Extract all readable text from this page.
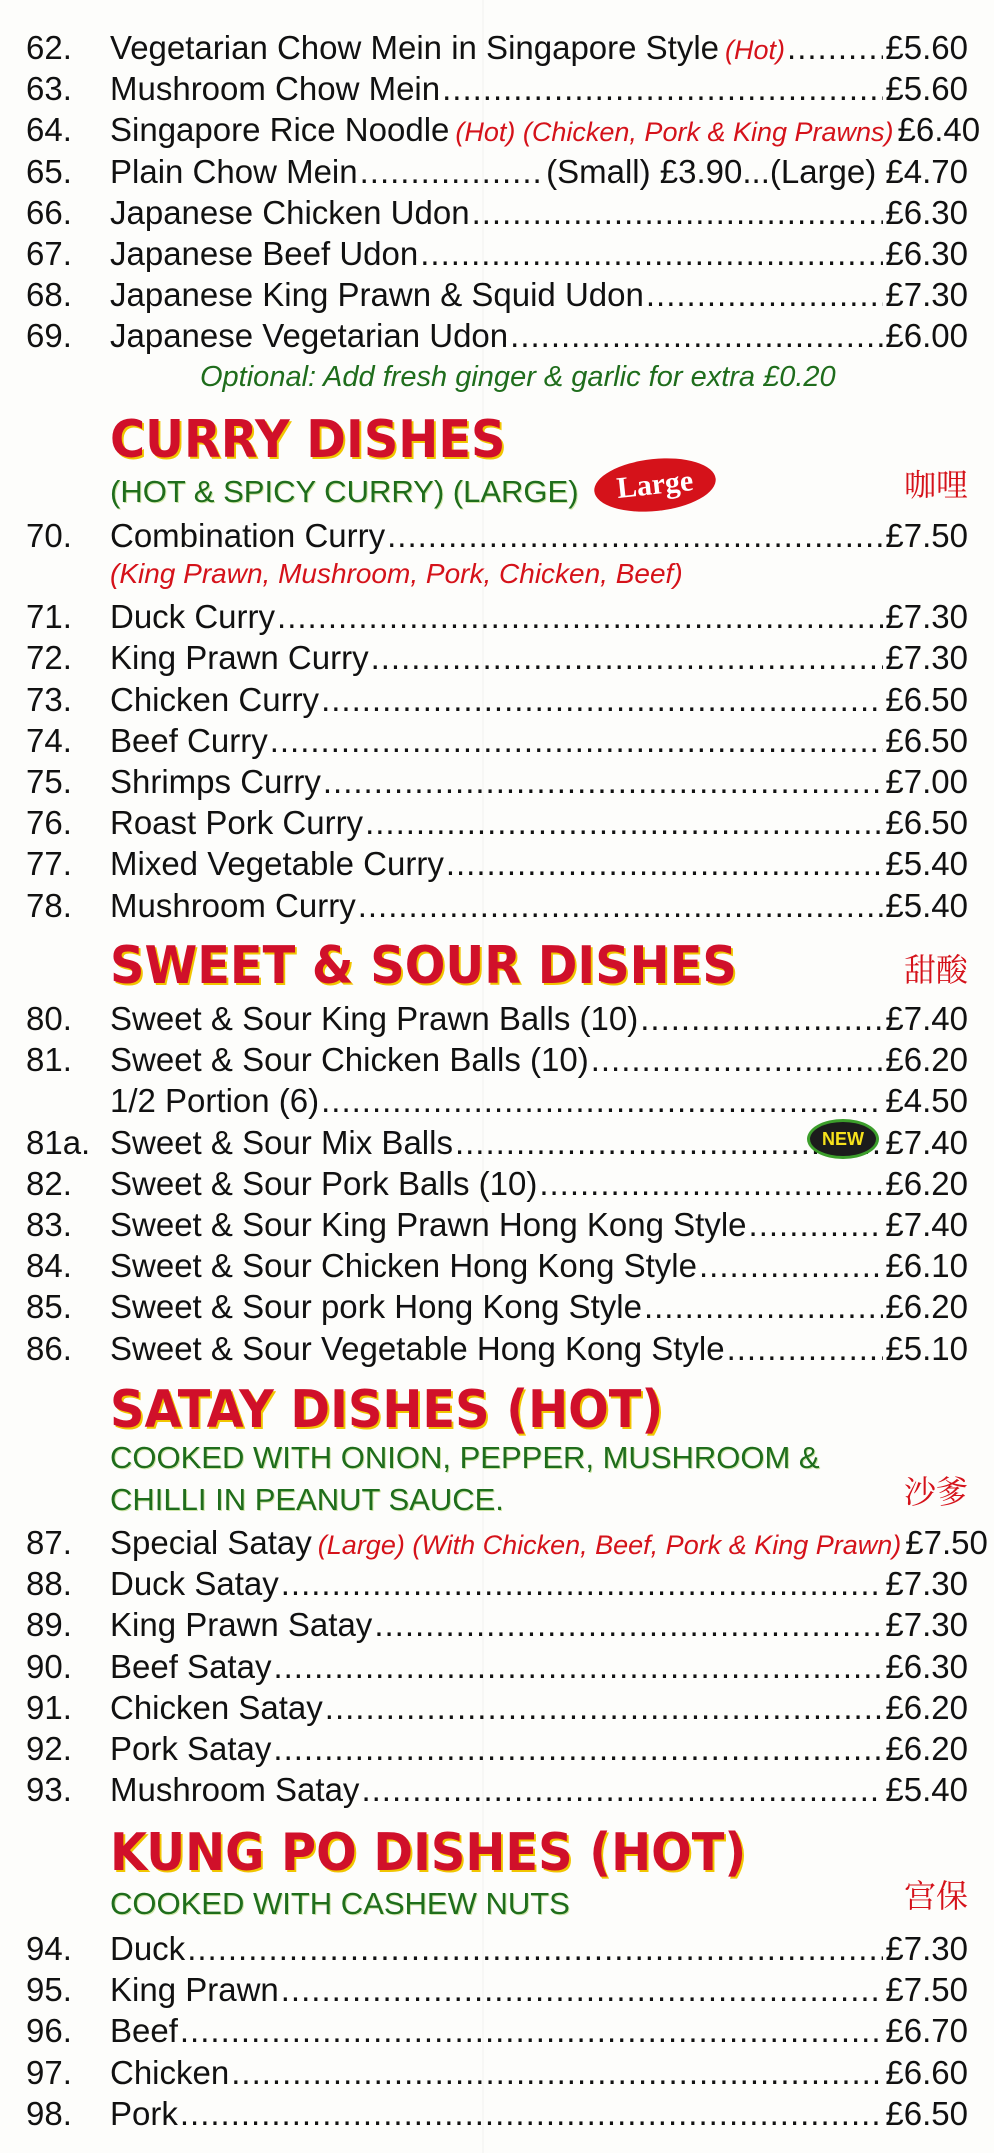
62.	Vegetarian Chow Mein in Singapore Style (Hot) .....	£5.60
63.	Mushroom Chow Mein .....	£5.60
64.	Singapore Rice Noodle (Hot) (Chicken, Pork & King Prawns) £6.40
65.	Plain Chow Mein .....	(Small) £3.90...(Large) £4.70
66.	Japanese Chicken Udon .....	£6.30
67.	Japanese Beef Udon .....	£6.30
68.	Japanese King Prawn & Squid Udon .....	£7.30
69.	Japanese Vegetarian Udon .....	£6.00
Optional: Add fresh ginger & garlic for extra £0.20
CURRY DISHES
(HOT & SPICY CURRY) (LARGE)	Large	咖哩
70.	Combination Curry .....	£7.50
71.	Duck Curry .....	£7.30
72.	King Prawn Curry .....	£7.30
73.	Chicken Curry .....	£6.50
74.	Beef Curry .....	£6.50
75.	Shrimps Curry .....	£7.00
76.	Roast Pork Curry .....	£6.50
77.	Mixed Vegetable Curry .....	£5.40
78.	Mushroom Curry .....	£5.40
(King Prawn, Mushroom, Pork, Chicken, Beef)
SWEET & SOUR DISHES	甜酸
80.	Sweet & Sour King Prawn Balls (10) .....	£7.40
81.	Sweet & Sour Chicken Balls (10) .....	£6.20
1/2 Portion (6) .....	£4.50
81a. Sweet & Sour Mix Balls .....	£7.40
82.	Sweet & Sour Pork Balls (10) .....	£6.20
83.	Sweet & Sour King Prawn Hong Kong Style .....	£7.40
84.	Sweet & Sour Chicken Hong Kong Style .....	£6.10
85.	Sweet & Sour pork Hong Kong Style .....	£6.20
86.	Sweet & Sour Vegetable Hong Kong Style .....	£5.10
NEW
SATAY DISHES (HOT)
COOKED WITH ONION, PEPPER, MUSHROOM &
CHILLI IN PEANUT SAUCE.	沙爹
87.	Special Satay (Large) (With Chicken, Beef, Pork & King Prawn) £7.50
88.	Duck Satay .....	£7.30
89.	King Prawn Satay .....	£7.30
90.	Beef Satay .....	£6.30
91.	Chicken Satay .....	£6.20
92.	Pork Satay .....	£6.20
93.	Mushroom Satay .....	£5.40
KUNG PO DISHES (HOT)
COOKED WITH CASHEW NUTS	宫保
94.	Duck .....	£7.30
95.	King Prawn .....	£7.50
96.	Beef .....	£6.70
97.	Chicken .....	£6.60
98.	Pork .....	£6.50
